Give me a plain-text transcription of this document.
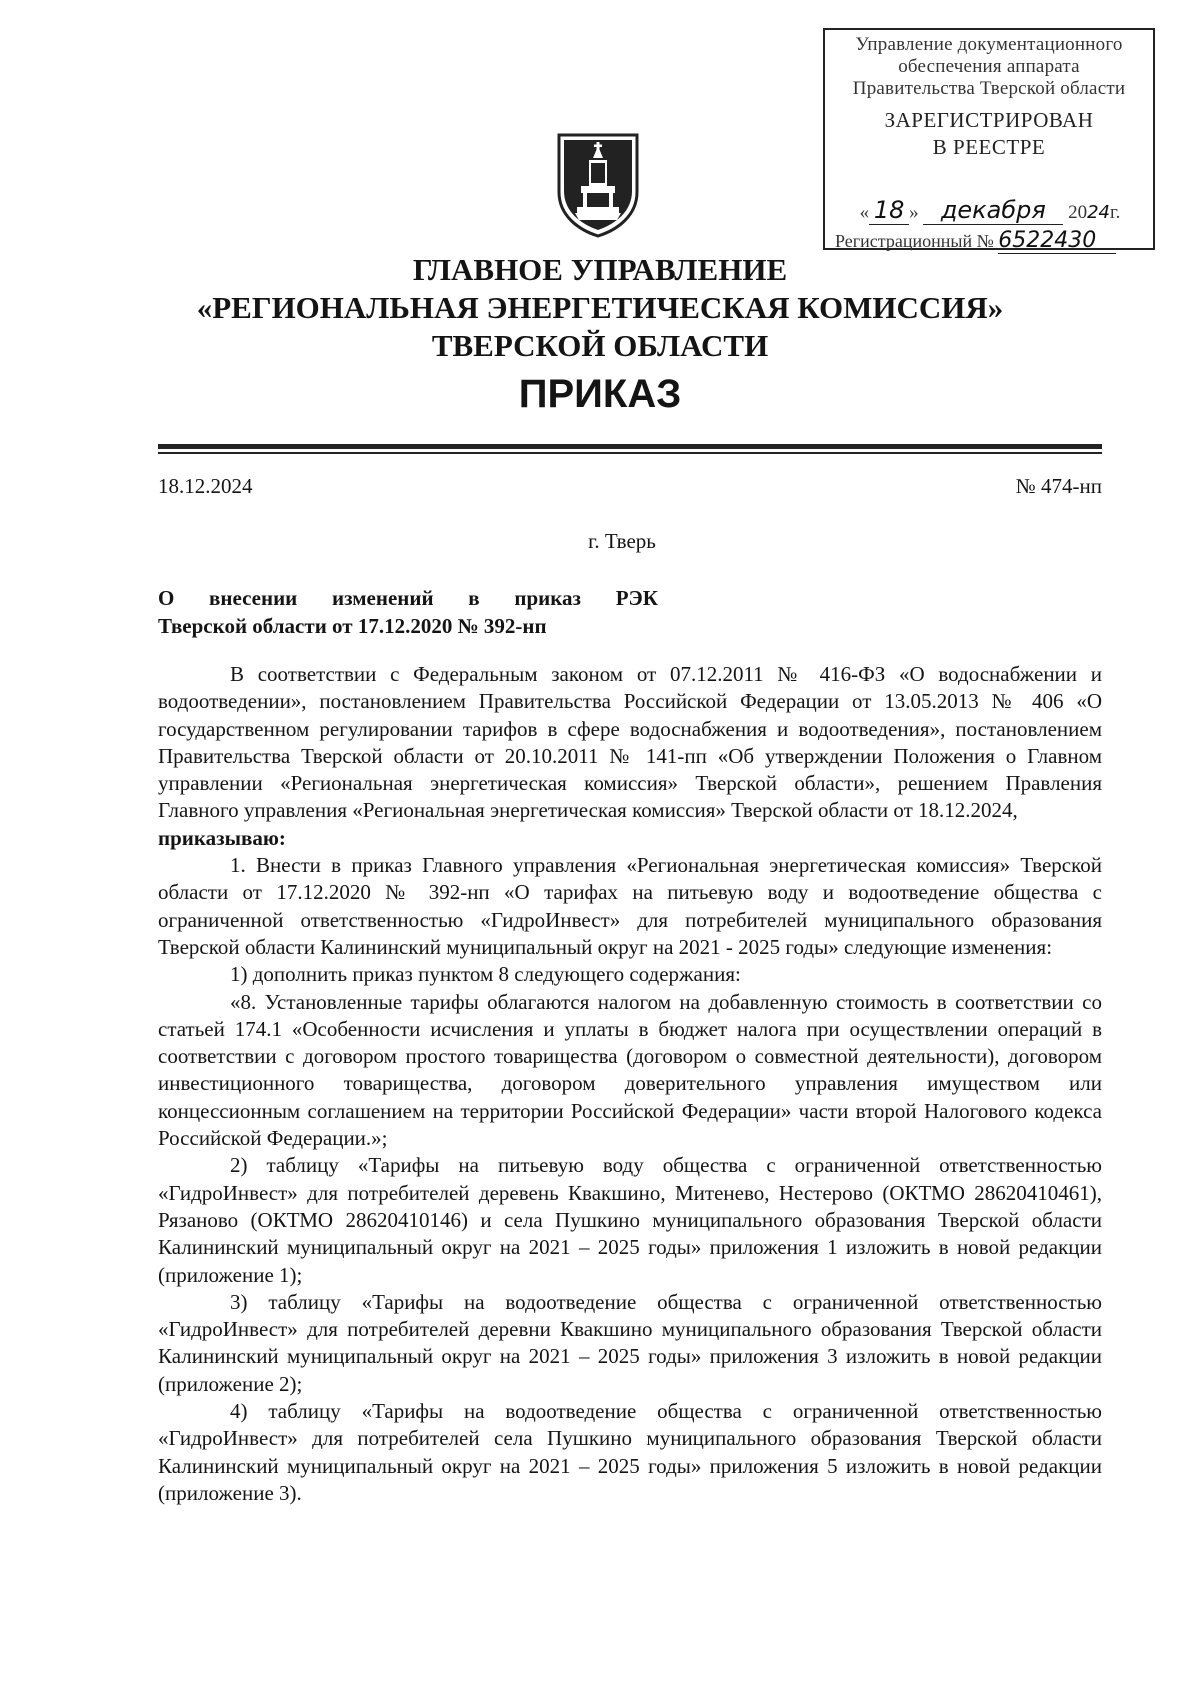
Управление документационного
обеспечения аппарата
Правительства Тверской области
ЗАРЕГИСТРИРОВАН
В РЕЕСТРЕ
« 18 » декабря 2024г.
Регистрационный № 6522430
ГЛАВНОЕ УПРАВЛЕНИЕ
«РЕГИОНАЛЬНАЯ ЭНЕРГЕТИЧЕСКАЯ КОМИССИЯ»
ТВЕРСКОЙ ОБЛАСТИ
ПРИКАЗ
18.12.2024	№ 474-нп
г. Тверь
О внесении изменений в приказ РЭК
Тверской области от 17.12.2020 № 392-нп

В соответствии с Федеральным законом от 07.12.2011 № 416-ФЗ «О водоснабжении и водоотведении», постановлением Правительства Российской Федерации от 13.05.2013 № 406 «О государственном регулировании тарифов в сфере водоснабжения и водоотведения», постановлением Правительства Тверской области от 20.10.2011 № 141-пп «Об утверждении Положения о Главном управлении «Региональная энергетическая комиссия» Тверской области», решением Правления Главного управления «Региональная энергетическая комиссия» Тверской области от 18.12.2024,

приказываю:

1. Внести в приказ Главного управления «Региональная энергетическая комиссия» Тверской области от 17.12.2020 № 392-нп «О тарифах на питьевую воду и водоотведение общества с ограниченной ответственностью «ГидроИнвест» для потребителей муниципального образования Тверской области Калининский муниципальный округ на 2021 - 2025 годы» следующие изменения:

1) дополнить приказ пунктом 8 следующего содержания:

«8. Установленные тарифы облагаются налогом на добавленную стоимость в соответствии со статьей 174.1 «Особенности исчисления и уплаты в бюджет налога при осуществлении операций в соответствии с договором простого товарищества (договором о совместной деятельности), договором инвестиционного товарищества, договором доверительного управления имуществом или концессионным соглашением на территории Российской Федерации» части второй Налогового кодекса Российской Федерации.»;

2) таблицу «Тарифы на питьевую воду общества с ограниченной ответственностью «ГидроИнвест» для потребителей деревень Квакшино, Митенево, Нестерово (ОКТМО 28620410461), Рязаново (ОКТМО 28620410146) и села Пушкино муниципального образования Тверской области Калининский муниципальный округ на 2021 – 2025 годы» приложения 1 изложить в новой редакции (приложение 1);

3) таблицу «Тарифы на водоотведение общества с ограниченной ответственностью «ГидроИнвест» для потребителей деревни Квакшино муниципального образования Тверской области Калининский муниципальный округ на 2021 – 2025 годы» приложения 3 изложить в новой редакции (приложение 2);

4) таблицу «Тарифы на водоотведение общества с ограниченной ответственностью «ГидроИнвест» для потребителей села Пушкино муниципального образования Тверской области Калининский муниципальный округ на 2021 – 2025 годы» приложения 5 изложить в новой редакции (приложение 3).
